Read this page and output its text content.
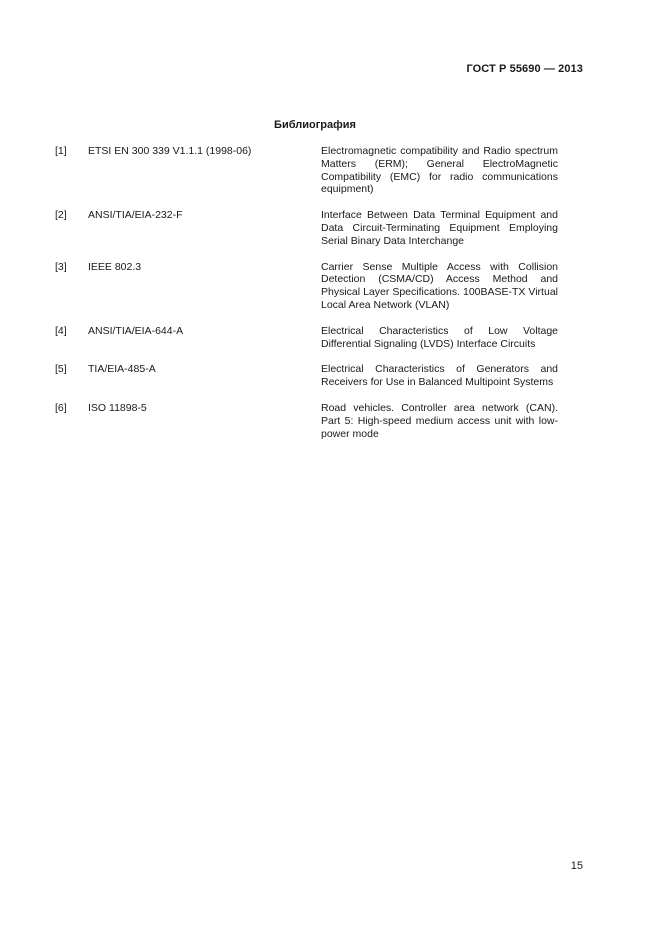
ГОСТ Р 55690 — 2013
Библиография
[1] ETSI EN 300 339 V1.1.1 (1998-06)	Electromagnetic compatibility and Radio spectrum Matters (ERM); General ElectroMagnetic Compatibility (EMC) for radio communications equipment)
[2] ANSI/TIA/EIA-232-F	Interface Between Data Terminal Equipment and Data Circuit-Terminating Equipment Employing Serial Binary Data Interchange
[3] IEEE 802.3	Carrier Sense Multiple Access with Collision Detection (CSMA/CD) Access Method and Physical Layer Specifications. 100BASE-TX Virtual Local Area Network (VLAN)
[4] ANSI/TIA/EIA-644-A	Electrical Characteristics of Low Voltage Differential Signaling (LVDS) Interface Circuits
[5] TIA/EIA-485-A	Electrical Characteristics of Generators and Receivers for Use in Balanced Multipoint Systems
[6] ISO 11898-5	Road vehicles. Controller area network (CAN). Part 5: High-speed medium access unit with low-power mode
15
